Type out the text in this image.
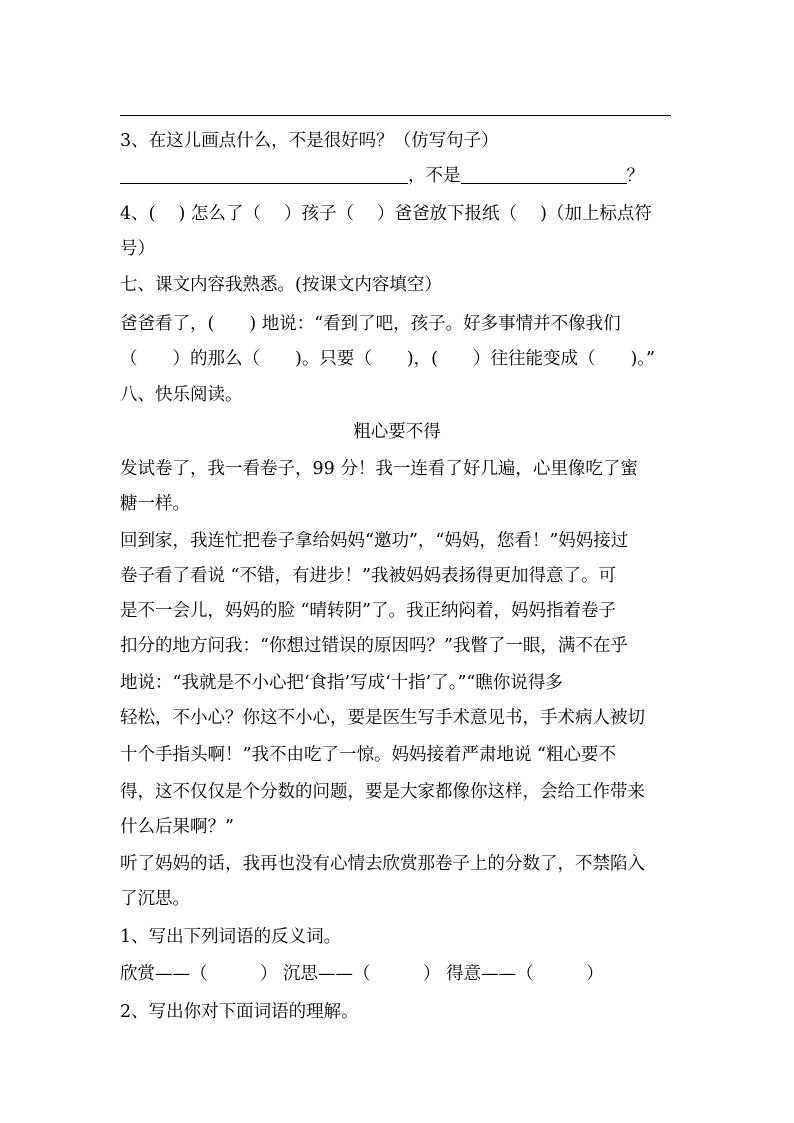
3、在这儿画点什么，不是很好吗？（仿写句子）
，不是	？
4、(　 ) 怎么了（　 ）孩子（　 ）爸爸放下报纸（　 )（加上标点符
号）
七、课文内容我熟悉。(按课文内容填空）
爸爸看了，(　　) 地说：“看到了吧，孩子。好多事情并不像我们
（　　）的那么（　　)。只要（　　)，(　　）往往能变成（　　)。”
八、快乐阅读。
粗心要不得
发试卷了，我一看卷子，99 分！我一连看了好几遍，心里像吃了蜜
糖一样。
回到家，我连忙把卷子拿给妈妈“邀功”，“妈妈，您看！”妈妈接过
卷子看了看说 “不错，有进步！”我被妈妈表扬得更加得意了。可
是不一会儿，妈妈的脸 “晴转阴”了。我正纳闷着，妈妈指着卷子
扣分的地方问我：“你想过错误的原因吗？”我瞥了一眼，满不在乎
地说：“我就是不小心把‘食指’写成‘十指’了。”“瞧你说得多
轻松，不小心？你这不小心，要是医生写手术意见书，手术病人被切
十个手指头啊！”我不由吃了一惊。妈妈接着严肃地说 “粗心要不
得，这不仅仅是个分数的问题，要是大家都像你这样，会给工作带来
什么后果啊？”
听了妈妈的话，我再也没有心情去欣赏那卷子上的分数了，不禁陷入
了沉思。
1、写出下列词语的反义词。
欣赏——（　　　） 沉思——（　　　） 得意——（　　　）
2、写出你对下面词语的理解。
